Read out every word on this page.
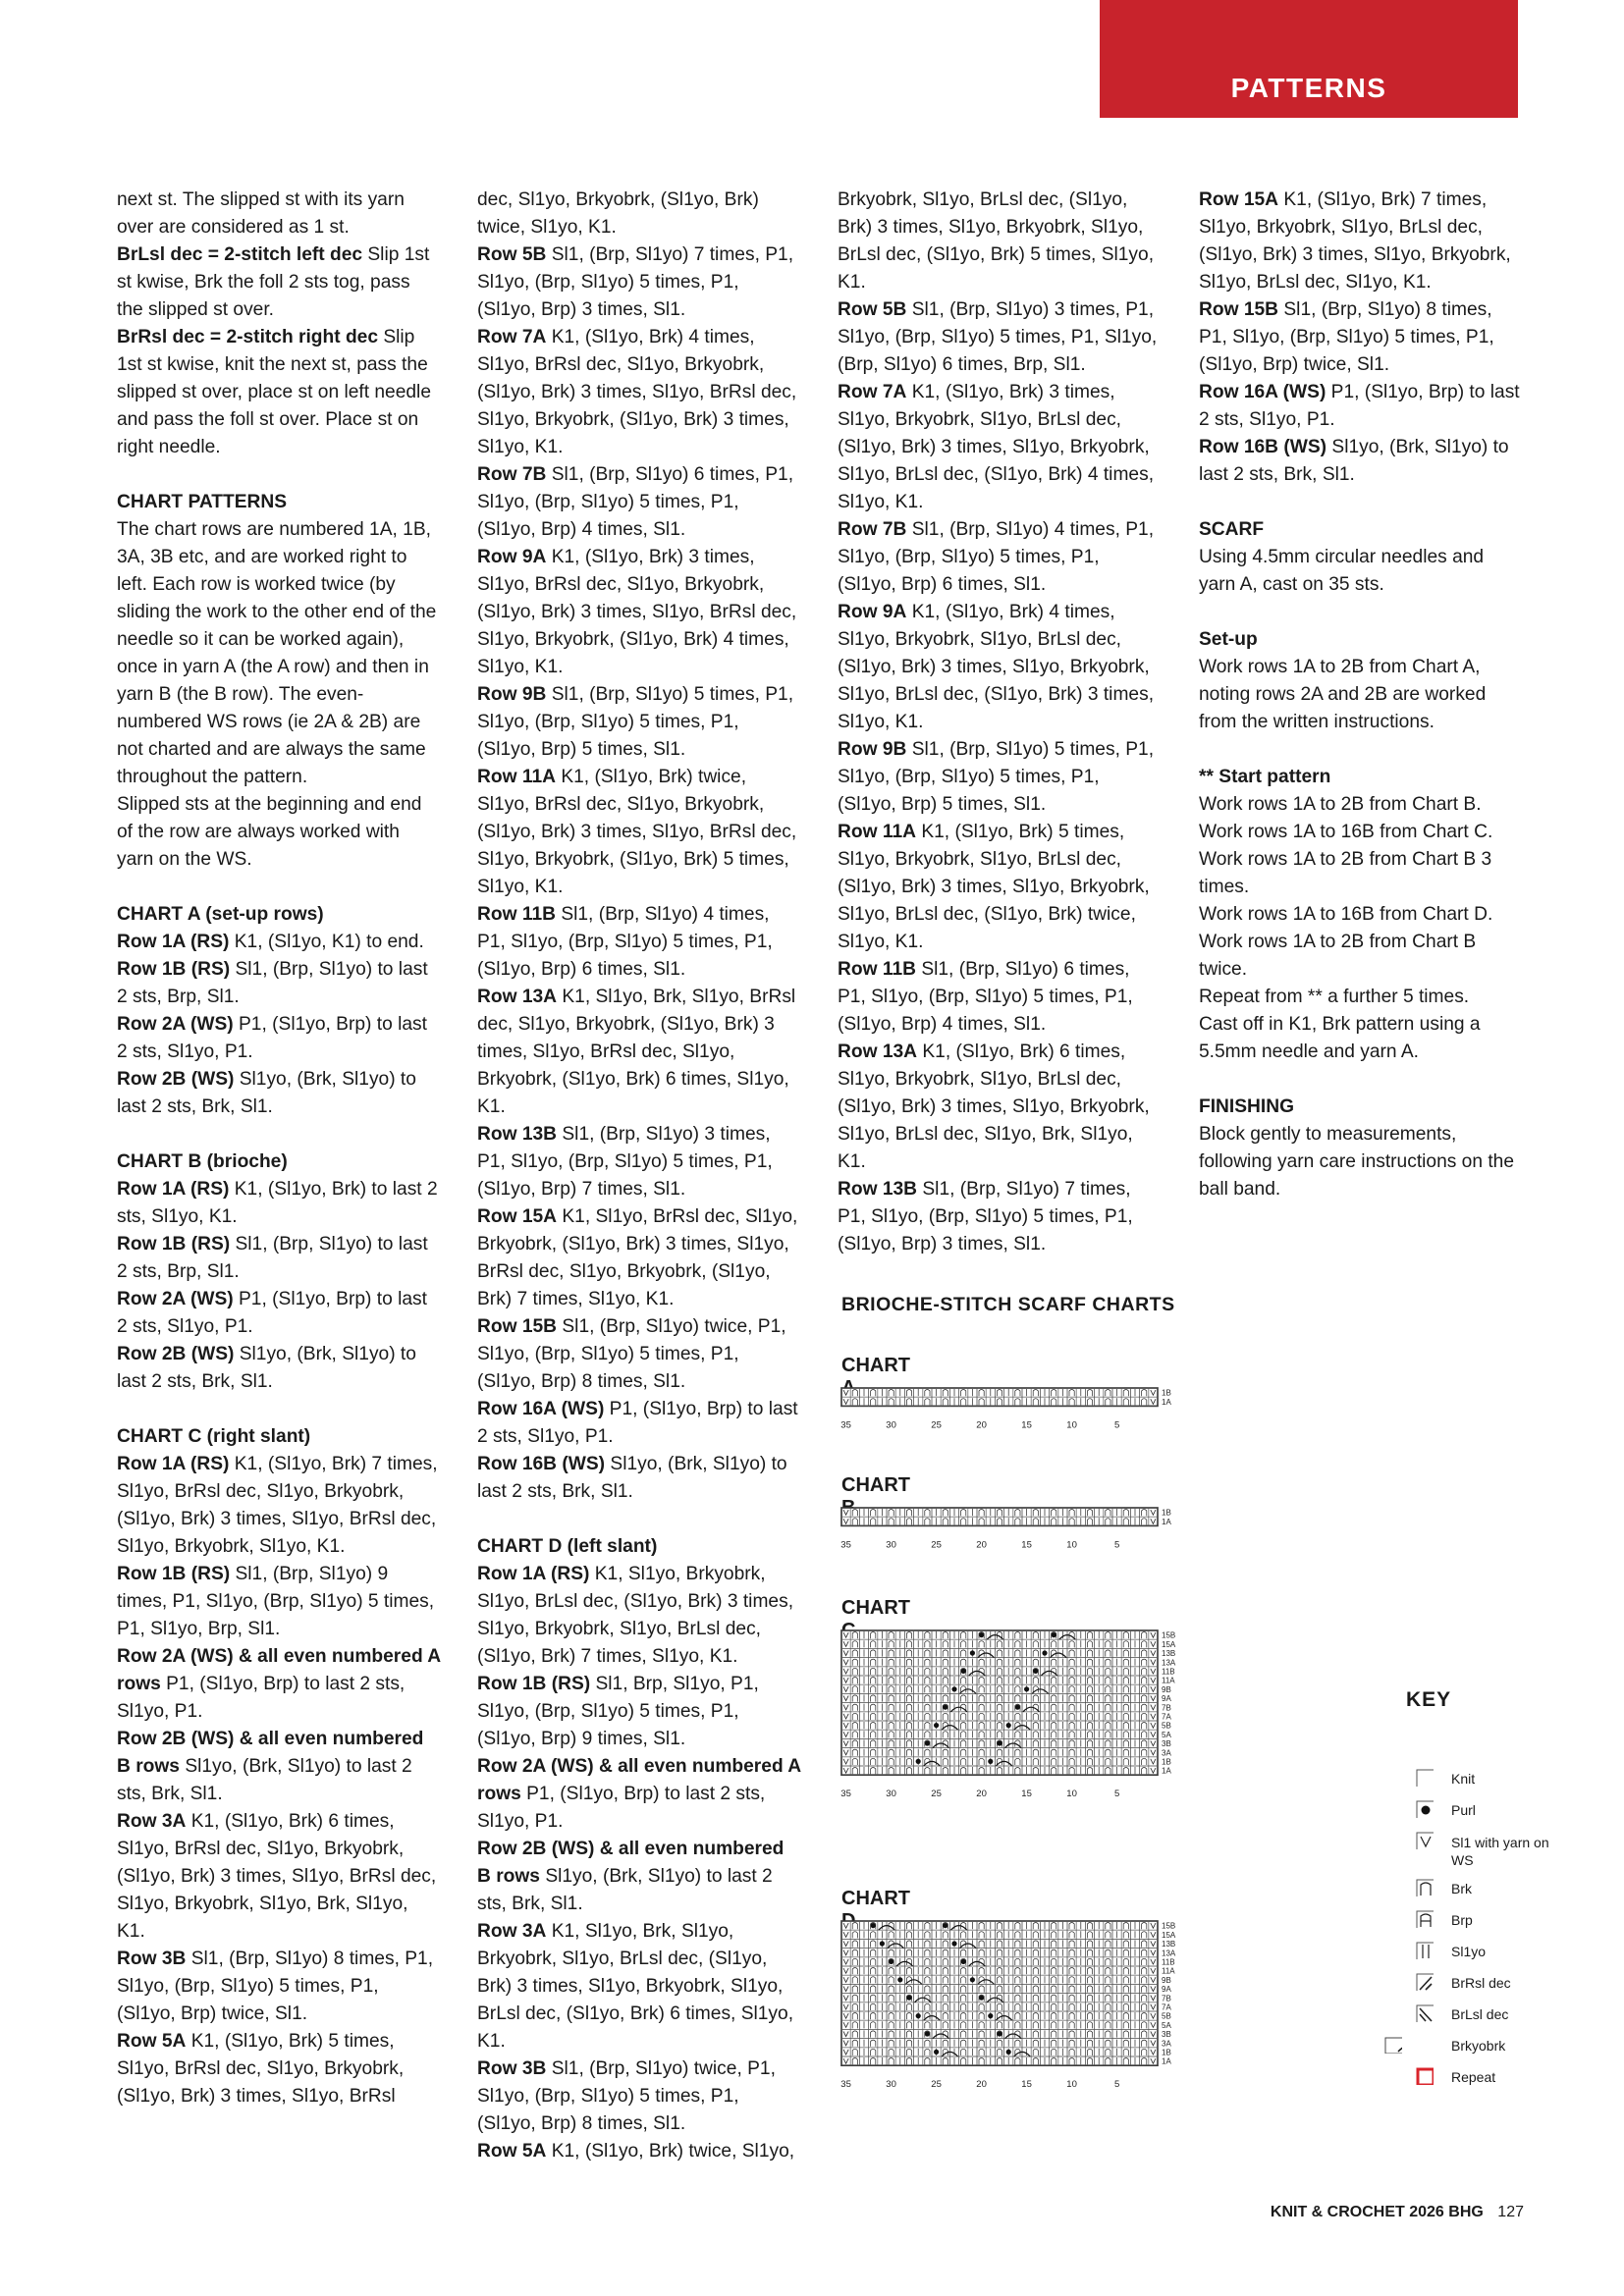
PATTERNS

next st. The slipped st with its yarn over are considered as 1 st.

BrLsl dec = 2-stitch left dec Slip 1st st kwise, Brk the foll 2 sts tog, pass the slipped st over.

BrRsl dec = 2-stitch right dec Slip 1st st kwise, knit the next st, pass the slipped st over, place st on left needle and pass the foll st over. Place st on right needle.

CHART PATTERNS

The chart rows are numbered 1A, 1B, 3A, 3B etc, and are worked right to left. Each row is worked twice (by sliding the work to the other end of the needle so it can be worked again), once in yarn A (the A row) and then in yarn B (the B row). The even-numbered WS rows (ie 2A & 2B) are not charted and are always the same throughout the pattern.

Slipped sts at the beginning and end of the row are always worked with yarn on the WS.

CHART A (set-up rows)

Row 1A (RS) K1, (Sl1yo, K1) to end.

Row 1B (RS) Sl1, (Brp, Sl1yo) to last 2 sts, Brp, Sl1.

Row 2A (WS) P1, (Sl1yo, Brp) to last 2 sts, Sl1yo, P1.

Row 2B (WS) Sl1yo, (Brk, Sl1yo) to last 2 sts, Brk, Sl1.

CHART B (brioche)

Row 1A (RS) K1, (Sl1yo, Brk) to last 2 sts, Sl1yo, K1.

Row 1B (RS) Sl1, (Brp, Sl1yo) to last 2 sts, Brp, Sl1.

Row 2A (WS) P1, (Sl1yo, Brp) to last 2 sts, Sl1yo, P1.

Row 2B (WS) Sl1yo, (Brk, Sl1yo) to last 2 sts, Brk, Sl1.

CHART C (right slant)

Row 1A (RS) K1, (Sl1yo, Brk) 7 times, Sl1yo, BrRsl dec, Sl1yo, Brkyobrk, (Sl1yo, Brk) 3 times, Sl1yo, BrRsl dec, Sl1yo, Brkyobrk, Sl1yo, K1.

Row 1B (RS) Sl1, (Brp, Sl1yo) 9 times, P1, Sl1yo, (Brp, Sl1yo) 5 times, P1, Sl1yo, Brp, Sl1.

Row 2A (WS) & all even numbered A rows P1, (Sl1yo, Brp) to last 2 sts, Sl1yo, P1.

Row 2B (WS) & all even numbered B rows Sl1yo, (Brk, Sl1yo) to last 2 sts, Brk, Sl1.

Row 3A K1, (Sl1yo, Brk) 6 times, Sl1yo, BrRsl dec, Sl1yo, Brkyobrk, (Sl1yo, Brk) 3 times, Sl1yo, BrRsl dec, Sl1yo, Brkyobrk, Sl1yo, Brk, Sl1yo, K1.

Row 3B Sl1, (Brp, Sl1yo) 8 times, P1, Sl1yo, (Brp, Sl1yo) 5 times, P1, (Sl1yo, Brp) twice, Sl1.

Row 5A K1, (Sl1yo, Brk) 5 times, Sl1yo, BrRsl dec, Sl1yo, Brkyobrk, (Sl1yo, Brk) 3 times, Sl1yo, BrRsl

dec, Sl1yo, Brkyobrk, (Sl1yo, Brk) twice, Sl1yo, K1.

Row 5B Sl1, (Brp, Sl1yo) 7 times, P1, Sl1yo, (Brp, Sl1yo) 5 times, P1, (Sl1yo, Brp) 3 times, Sl1.

Row 7A K1, (Sl1yo, Brk) 4 times, Sl1yo, BrRsl dec, Sl1yo, Brkyobrk, (Sl1yo, Brk) 3 times, Sl1yo, BrRsl dec, Sl1yo, Brkyobrk, (Sl1yo, Brk) 3 times, Sl1yo, K1.

Row 7B Sl1, (Brp, Sl1yo) 6 times, P1, Sl1yo, (Brp, Sl1yo) 5 times, P1, (Sl1yo, Brp) 4 times, Sl1.

Row 9A K1, (Sl1yo, Brk) 3 times, Sl1yo, BrRsl dec, Sl1yo, Brkyobrk, (Sl1yo, Brk) 3 times, Sl1yo, BrRsl dec, Sl1yo, Brkyobrk, (Sl1yo, Brk) 4 times, Sl1yo, K1.

Row 9B Sl1, (Brp, Sl1yo) 5 times, P1, Sl1yo, (Brp, Sl1yo) 5 times, P1, (Sl1yo, Brp) 5 times, Sl1.

Row 11A K1, (Sl1yo, Brk) twice, Sl1yo, BrRsl dec, Sl1yo, Brkyobrk, (Sl1yo, Brk) 3 times, Sl1yo, BrRsl dec, Sl1yo, Brkyobrk, (Sl1yo, Brk) 5 times, Sl1yo, K1.

Row 11B Sl1, (Brp, Sl1yo) 4 times, P1, Sl1yo, (Brp, Sl1yo) 5 times, P1, (Sl1yo, Brp) 6 times, Sl1.

Row 13A K1, Sl1yo, Brk, Sl1yo, BrRsl dec, Sl1yo, Brkyobrk, (Sl1yo, Brk) 3 times, Sl1yo, BrRsl dec, Sl1yo, Brkyobrk, (Sl1yo, Brk) 6 times, Sl1yo, K1.

Row 13B Sl1, (Brp, Sl1yo) 3 times, P1, Sl1yo, (Brp, Sl1yo) 5 times, P1, (Sl1yo, Brp) 7 times, Sl1.

Row 15A K1, Sl1yo, BrRsl dec, Sl1yo, Brkyobrk, (Sl1yo, Brk) 3 times, Sl1yo, BrRsl dec, Sl1yo, Brkyobrk, (Sl1yo, Brk) 7 times, Sl1yo, K1.

Row 15B Sl1, (Brp, Sl1yo) twice, P1, Sl1yo, (Brp, Sl1yo) 5 times, P1, (Sl1yo, Brp) 8 times, Sl1.

Row 16A (WS) P1, (Sl1yo, Brp) to last 2 sts, Sl1yo, P1.

Row 16B (WS) Sl1yo, (Brk, Sl1yo) to last 2 sts, Brk, Sl1.

CHART D (left slant)

Row 1A (RS) K1, Sl1yo, Brkyobrk, Sl1yo, BrLsl dec, (Sl1yo, Brk) 3 times, Sl1yo, Brkyobrk, Sl1yo, BrLsl dec, (Sl1yo, Brk) 7 times, Sl1yo, K1.

Row 1B (RS) Sl1, Brp, Sl1yo, P1, Sl1yo, (Brp, Sl1yo) 5 times, P1, (Sl1yo, Brp) 9 times, Sl1.

Row 2A (WS) & all even numbered A rows P1, (Sl1yo, Brp) to last 2 sts, Sl1yo, P1.

Row 2B (WS) & all even numbered B rows Sl1yo, (Brk, Sl1yo) to last 2 sts, Brk, Sl1.

Row 3A K1, Sl1yo, Brk, Sl1yo, Brkyobrk, Sl1yo, BrLsl dec, (Sl1yo, Brk) 3 times, Sl1yo, Brkyobrk, Sl1yo, BrLsl dec, (Sl1yo, Brk) 6 times, Sl1yo, K1.

Row 3B Sl1, (Brp, Sl1yo) twice, P1, Sl1yo, (Brp, Sl1yo) 5 times, P1, (Sl1yo, Brp) 8 times, Sl1.

Row 5A K1, (Sl1yo, Brk) twice, Sl1yo,

Brkyobrk, Sl1yo, BrLsl dec, (Sl1yo, Brk) 3 times, Sl1yo, Brkyobrk, Sl1yo, BrLsl dec, (Sl1yo, Brk) 5 times, Sl1yo, K1.

Row 5B Sl1, (Brp, Sl1yo) 3 times, P1, Sl1yo, (Brp, Sl1yo) 5 times, P1, Sl1yo, (Brp, Sl1yo) 6 times, Brp, Sl1.

Row 7A K1, (Sl1yo, Brk) 3 times, Sl1yo, Brkyobrk, Sl1yo, BrLsl dec, (Sl1yo, Brk) 3 times, Sl1yo, Brkyobrk, Sl1yo, BrLsl dec, (Sl1yo, Brk) 4 times, Sl1yo, K1.

Row 7B Sl1, (Brp, Sl1yo) 4 times, P1, Sl1yo, (Brp, Sl1yo) 5 times, P1, (Sl1yo, Brp) 6 times, Sl1.

Row 9A K1, (Sl1yo, Brk) 4 times, Sl1yo, Brkyobrk, Sl1yo, BrLsl dec, (Sl1yo, Brk) 3 times, Sl1yo, Brkyobrk, Sl1yo, BrLsl dec, (Sl1yo, Brk) 3 times, Sl1yo, K1.

Row 9B Sl1, (Brp, Sl1yo) 5 times, P1, Sl1yo, (Brp, Sl1yo) 5 times, P1, (Sl1yo, Brp) 5 times, Sl1.

Row 11A K1, (Sl1yo, Brk) 5 times, Sl1yo, Brkyobrk, Sl1yo, BrLsl dec, (Sl1yo, Brk) 3 times, Sl1yo, Brkyobrk, Sl1yo, BrLsl dec, (Sl1yo, Brk) twice, Sl1yo, K1.

Row 11B Sl1, (Brp, Sl1yo) 6 times, P1, Sl1yo, (Brp, Sl1yo) 5 times, P1, (Sl1yo, Brp) 4 times, Sl1.

Row 13A K1, (Sl1yo, Brk) 6 times, Sl1yo, Brkyobrk, Sl1yo, BrLsl dec, (Sl1yo, Brk) 3 times, Sl1yo, Brkyobrk, Sl1yo, BrLsl dec, Sl1yo, Brk, Sl1yo, K1.

Row 13B Sl1, (Brp, Sl1yo) 7 times, P1, Sl1yo, (Brp, Sl1yo) 5 times, P1, (Sl1yo, Brp) 3 times, Sl1.

Row 15A K1, (Sl1yo, Brk) 7 times, Sl1yo, Brkyobrk, Sl1yo, BrLsl dec, (Sl1yo, Brk) 3 times, Sl1yo, Brkyobrk, Sl1yo, BrLsl dec, Sl1yo, K1.

Row 15B Sl1, (Brp, Sl1yo) 8 times, P1, Sl1yo, (Brp, Sl1yo) 5 times, P1, (Sl1yo, Brp) twice, Sl1.

Row 16A (WS) P1, (Sl1yo, Brp) to last 2 sts, Sl1yo, P1.

Row 16B (WS) Sl1yo, (Brk, Sl1yo) to last 2 sts, Brk, Sl1.

SCARF

Using 4.5mm circular needles and yarn A, cast on 35 sts.

Set-up

Work rows 1A to 2B from Chart A, noting rows 2A and 2B are worked from the written instructions.

** Start pattern

Work rows 1A to 2B from Chart B.

Work rows 1A to 16B from Chart C.

Work rows 1A to 2B from Chart B 3 times.

Work rows 1A to 16B from Chart D.

Work rows 1A to 2B from Chart B twice.

Repeat from ** a further 5 times.

Cast off in K1, Brk pattern using a 5.5mm needle and yarn A.

FINISHING

Block gently to measurements, following yarn care instructions on the ball band.

BRIOCHE-STITCH SCARF CHARTS
CHART
1B
1A
35	30	25	20	15	10	5
CHART
1B
1A
35	30	25	20	15	10	5
CHART
15B
15A
13B
13A
11B
11A
9B
9A
7B
7A
5B
5A
3B
3A
1B
1A
35	30	25	20	15	10	5
CHART
15B
15A
13B
13A
11B
11A
9B
9A
7B
7A
5B
5A
3B
3A
1B
1A
35	30	25	20	15	10	5
KEY
Knit
Purl
Sl1 with yarn on WS
Brk
Brp
Sl1yo
BrRsl dec
BrLsl dec
Brkyobrk
Repeat
KNIT & CROCHET 2026 BHG 127
